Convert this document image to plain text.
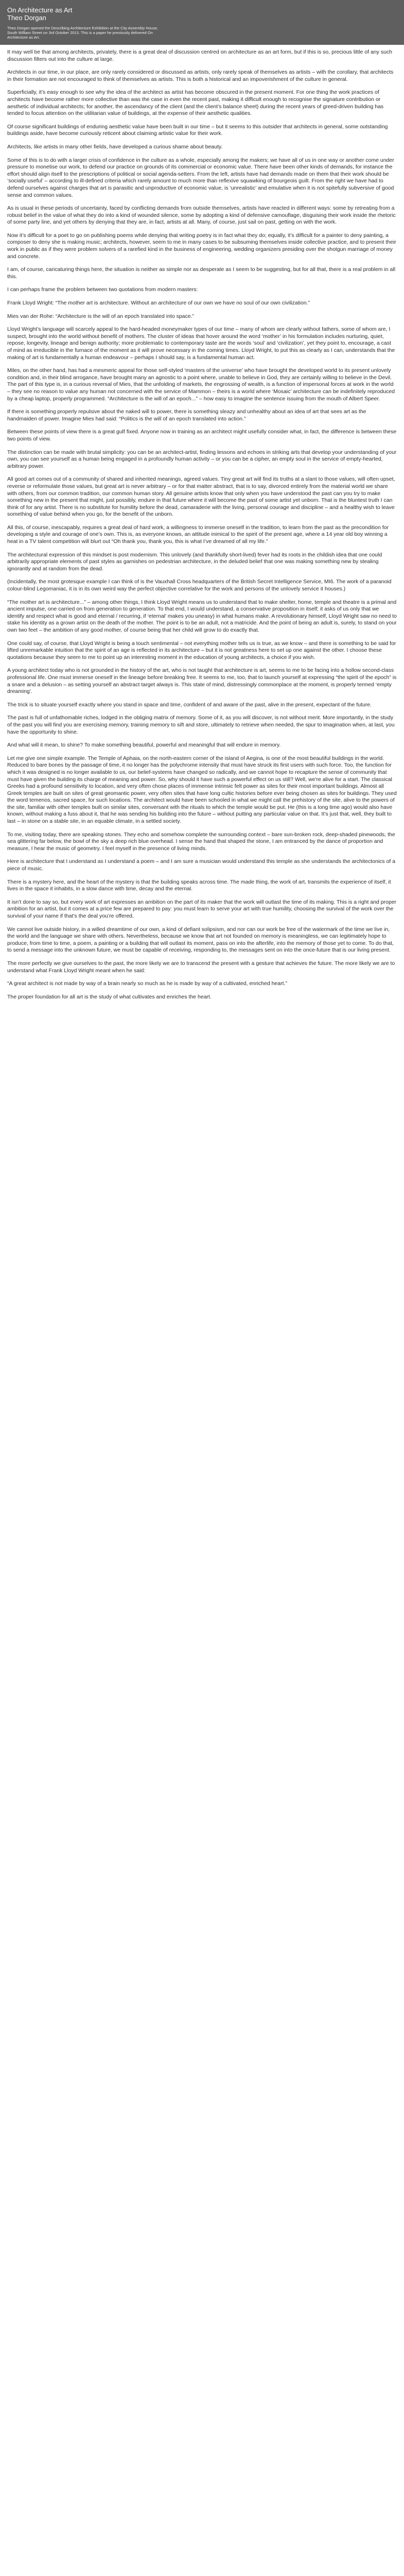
On Architecture as Art
Theo Dorgan
Theo Dorgan opened the Describing Architecture Exhibition at the City Assembly House, South William Street on 3rd October 2013. This is a paper he previously delivered On Architecture as Art.

It may well be that among architects, privately, there is a great deal of discussion centred on architecture as an art form, but if this is so, precious little of any such discussion filters out into the culture at large.

Architects in our time, in our place, are only rarely considered or discussed as artists, only rarely speak of themselves as artists – with the corollary, that architects in their formation are not encouraged to think of themselves as artists. This is both a historical and an impoverishment of the culture in general.

Superficially, it’s easy enough to see why the idea of the architect as artist has become obscured in the present moment. For one thing the work practices of architects have become rather more collective than was the case in even the recent past, making it difficult enough to recognise the signature contribution or aesthetic of individual architects; for another, the ascendancy of the client (and the client’s balance sheet) during the recent years of greed-driven building has tended to focus attention on the utilitarian value of buildings, at the expense of their aesthetic qualities.

Of course significant buildings of enduring aesthetic value have been built in our time – but it seems to this outsider that architects in general, some outstanding buildings aside, have become curiously reticent about claiming artistic value for their work.

Architects, like artists in many other fields, have developed a curious shame about beauty.

Some of this is to do with a larger crisis of confidence in the culture as a whole, especially among the makers; we have all of us in one way or another come under pressure to monetise our work, to defend our practice on grounds of its commercial or economic value. There have been other kinds of demands, for instance the effort should align itself to the prescriptions of political or social agenda-setters. From the left, artists have had demands made on them that their work should be ‘socially useful’ – according to ill-defined criteria which rarely amount to much more than reflexive squawking of bourgeois guilt. From the right we have had to defend ourselves against charges that art is parasitic and unproductive of economic value, is ‘unrealistic’ and emulative when it is not spitefully subversive of good sense and common values.

As is usual in these periods of uncertainty, faced by conflicting demands from outside themselves, artists have reacted in different ways: some by retreating from a robust belief in the value of what they do into a kind of wounded silence, some by adopting a kind of defensive camouflage, disguising their work inside the rhetoric of some party line, and yet others by denying that they are, in fact, artists at all. Many, of course, just sail on past, getting on with the work.

Now it’s difficult for a poet to go on publishing poems while denying that writing poetry is in fact what they do; equally, it’s difficult for a painter to deny painting, a composer to deny she is making music; architects, however, seem to me in many cases to be subsuming themselves inside collective practice, and to present their work in public as if they were problem solvers of a rarefied kind in the business of engineering, wedding organizers presiding over the shotgun marriage of money and concrete.

I am, of course, caricaturing things here, the situation is neither as simple nor as desperate as I seem to be suggesting, but for all that, there is a real problem in all this.

I can perhaps frame the problem between two quotations from modern masters:

Frank Lloyd Wright: “The mother art is architecture. Without an architecture of our own we have no soul of our own civilization.”

Mies van der Rohe: “Architecture is the will of an epoch translated into space.”

Lloyd Wright’s language will scarcely appeal to the hard-headed moneymaker types of our time – many of whom are clearly without fathers, some of whom are, I suspect, brought into the world without benefit of mothers. The cluster of ideas that hover around the word ‘mother’ in his formulation includes nurturing, quiet, repose, longevity, lineage and benign authority; more problematic to contemporary taste are the words ‘soul’ and ‘civilization’, yet they point to, encourage, a cast of mind as irreducible in the furnace of the moment as it will prove necessary in the coming times. Lloyd Wright, to put this as clearly as I can, understands that the making of art is fundamentally a human endeavour – perhaps I should say, is a fundamental human act.

Miles, on the other hand, has had a mesmeric appeal for those self-styled ‘masters of the universe’ who have brought the developed world to its present unlovely condition and, in their blind arrogance, have brought many an agnostic to a point where, unable to believe in God, they are certainly willing to believe in the Devil. The part of this type is, in a curious reversal of Mies, that the unfolding of markets, the engrossing of wealth, is a function of impersonal forces at work in the world – they see no reason to value any human not concerned with the service of Mammon – theirs is a world where ‘Mosaic’ architecture can be indefinitely reproduced by a cheap laptop, properly programmed. “Architecture is the will of an epoch...” – how easy to imagine the sentence issuing from the mouth of Albert Speer.

If there is something properly repulsive about the naked will to power, there is something sleazy and unhealthy about an idea of art that sees art as the handmaiden of power. Imagine Mies had said: “Politics is the will of an epoch translated into action.”

Between these points of view there is a great gulf fixed. Anyone now in training as an architect might usefully consider what, in fact, the difference is between these two points of view.

The distinction can be made with brutal simplicity: you can be an architect-artist, finding lessons and echoes in striking arts that develop your understanding of your own, you can see yourself as a human being engaged in a profoundly human activity – or you can be a cipher, an empty soul in the service of empty-hearted, arbitrary power.

All good art comes out of a community of shared and inherited meanings, agreed values. Tiny great art will find its truths at a slant to those values, will often upset, reverse or reformulate those values, but great art is never arbitrary – or for that matter abstract, that is to say, divorced entirely from the material world we share with others, from our common tradition, our common human story. All genuine artists know that only when you have understood the past can you try to make something new in the present that might, just possibly, endure in that future where it will become the past of some artist yet unborn. That is the bluntest truth I can think of for any artist. There is no substitute for humility before the dead, camaraderie with the living, personal courage and discipline – and a healthy wish to leave something of value behind when you go, for the benefit of the unborn.

All this, of course, inescapably, requires a great deal of hard work, a willingness to immerse oneself in the tradition, to learn from the past as the precondition for developing a style and courage of one’s own. This is, as everyone knows, an attitude inimical to the spirit of the present age, where a 14 year old boy winning a heat in a TV talent competition will blurt out “Oh thank you, thank you, this is what I’ve dreamed of all my life.”

The architectural expression of this mindset is post modernism. This unlovely (and thankfully short-lived) fever had its roots in the childish idea that one could arbitrarily appropriate elements of past styles as garnishes on pedestrian architecture, in the deluded belief that one was making something new by stealing ignorantly and at random from the dead.

(Incidentally, the most grotesque example I can think of is the Vauxhall Cross headquarters of the British Secret Intelligence Service, MI6. The work of a paranoid colour-blind Legomaniac, it is in its own weird way the perfect objective correlative for the work and persons of the unlovely service it houses.)

“The mother art is architecture...” – among other things, I think Lloyd Wright means us to understand that to make shelter, home, temple and theatre is a primal and ancient impulse, one carried on from generation to generation. To that end, I would understand, a conservative proposition in itself; it asks of us only that we identify and respect what is good and eternal / recurring, if ‘eternal’ makes you uneasy) in what humans make. A revolutionary himself, Lloyd Wright saw no need to stake his identity as a grown artist on the death of the mother. The point is to be an adult, not a matricide. And the point of being an adult is, surely, to stand on your own two feet – the ambition of any good mother, of course being that her child will grow to do exactly that.

One could say, of course, that Lloyd Wright is being a touch sentimental – not everything mother tells us is true, as we know – and there is something to be said for lifted unremarkable intuition that the spirit of an age is reflected in its architecture – but it is not greatness here to set up one against the other. I choose these quotations because they seem to me to point up an interesting moment in the education of young architects, a choice if you wish.

A young architect today who is not grounded in the history of the art, who is not taught that architecture is art, seems to me to be facing into a hollow second-class professional life. One must immerse oneself in the lineage before breaking free. It seems to me, too, that to launch yourself at expressing “the spirit of the epoch” is a snare and a delusion – as setting yourself an abstract target always is. This state of mind, distressingly commonplace at the moment, is properly termed ‘empty dreaming’.

The trick is to situate yourself exactly where you stand in space and time, confident of and aware of the past, alive in the present, expectant of the future.

The past is full of unfathomable riches, lodged in the obliging matrix of memory. Some of it, as you will discover, is not without merit. More importantly, in the study of the past you will find you are exercising memory, training memory to sift and store, ultimately to retrieve when needed, the spur to imagination when, at last, you have the opportunity to shine.

And what will it mean, to shine? To make something beautiful, powerful and meaningful that will endure in memory.

Let me give one simple example. The Temple of Aphaia, on the north-eastern corner of the island of Aegina, is one of the most beautiful buildings in the world. Reduced to bare bones by the passage of time, it no longer has the polychrome intensity that must have struck its first users with such force. Too, the function for which it was designed is no longer available to us, our belief-systems have changed so radically, and we cannot hope to recapture the sense of community that must have given the building its charge of meaning and power. So, why should it have such a powerful effect on us still? Well, we're alive for a start. The classical Greeks had a profound sensitivity to location, and very often chose places of immense intrinsic felt power as sites for their most important buildings. Almost all Greek temples are built on sites of great geomantic power, very often sites that have long cultic histories before ever being chosen as sites for buildings. They used the word temenos, sacred space, for such locations. The architect would have been schooled in what we might call the prehistory of the site, alive to the powers of the site, familiar with other temples built on similar sites, conversant with the rituals to which the temple would be put. He (this is a long time ago) would also have known, without making a fuss about it, that he was sending his building into the future – without putting any particular value on that. It’s just that, well, they built to last – in stone on a stable site, in an equable climate, in a settled society.

To me, visiting today, there are speaking stones. They echo and somehow complete the surrounding context – bare sun-broken rock, deep-shaded pinewoods, the sea glittering far below, the bowl of the sky a deep rich blue overhead. I sense the hand that shaped the stone, I am entranced by the dance of proportion and measure, I hear the music of geometry. I feel myself in the presence of living minds.

Here is architecture that I understand as I understand a poem – and I am sure a musician would understand this temple as she understands the architectonics of a piece of music.

There is a mystery here, and the heart of the mystery is that the building speaks across time. The made thing, the work of art, transmits the experience of itself, it lives in the space it inhabits, in a slow dance with time, decay and the eternal.

It isn’t done to say so, but every work of art expresses an ambition on the part of its maker that the work will outlast the time of its making. This is a right and proper ambition for an artist, but it comes at a price few are prepared to pay: you must learn to serve your art with true humility, choosing the survival of the work over the survival of your name if that’s the deal you’re offered.

We cannot live outside history, in a willed dreamtime of our own, a kind of defiant solipsism, and nor can our work be free of the watermark of the time we live in, the world and the language we share with others. Nevertheless, because we know that art not founded on memory is meaningless, we can legitimately hope to produce, from time to time, a poem, a painting or a building that will outlast its moment, pass on into the afterlife, into the memory of those yet to come. To do that, to send a message into the unknown future, we must be capable of receiving, responding to, the messages sent on into the once-future that is our living present.

The more perfectly we give ourselves to the past, the more likely we are to transcend the present with a gesture that achieves the future. The more likely we are to understand what Frank Lloyd Wright meant when he said:

“A great architect is not made by way of a brain nearly so much as he is made by way of a cultivated, enriched heart.”

The proper foundation for all art is the study of what cultivates and enriches the heart.
